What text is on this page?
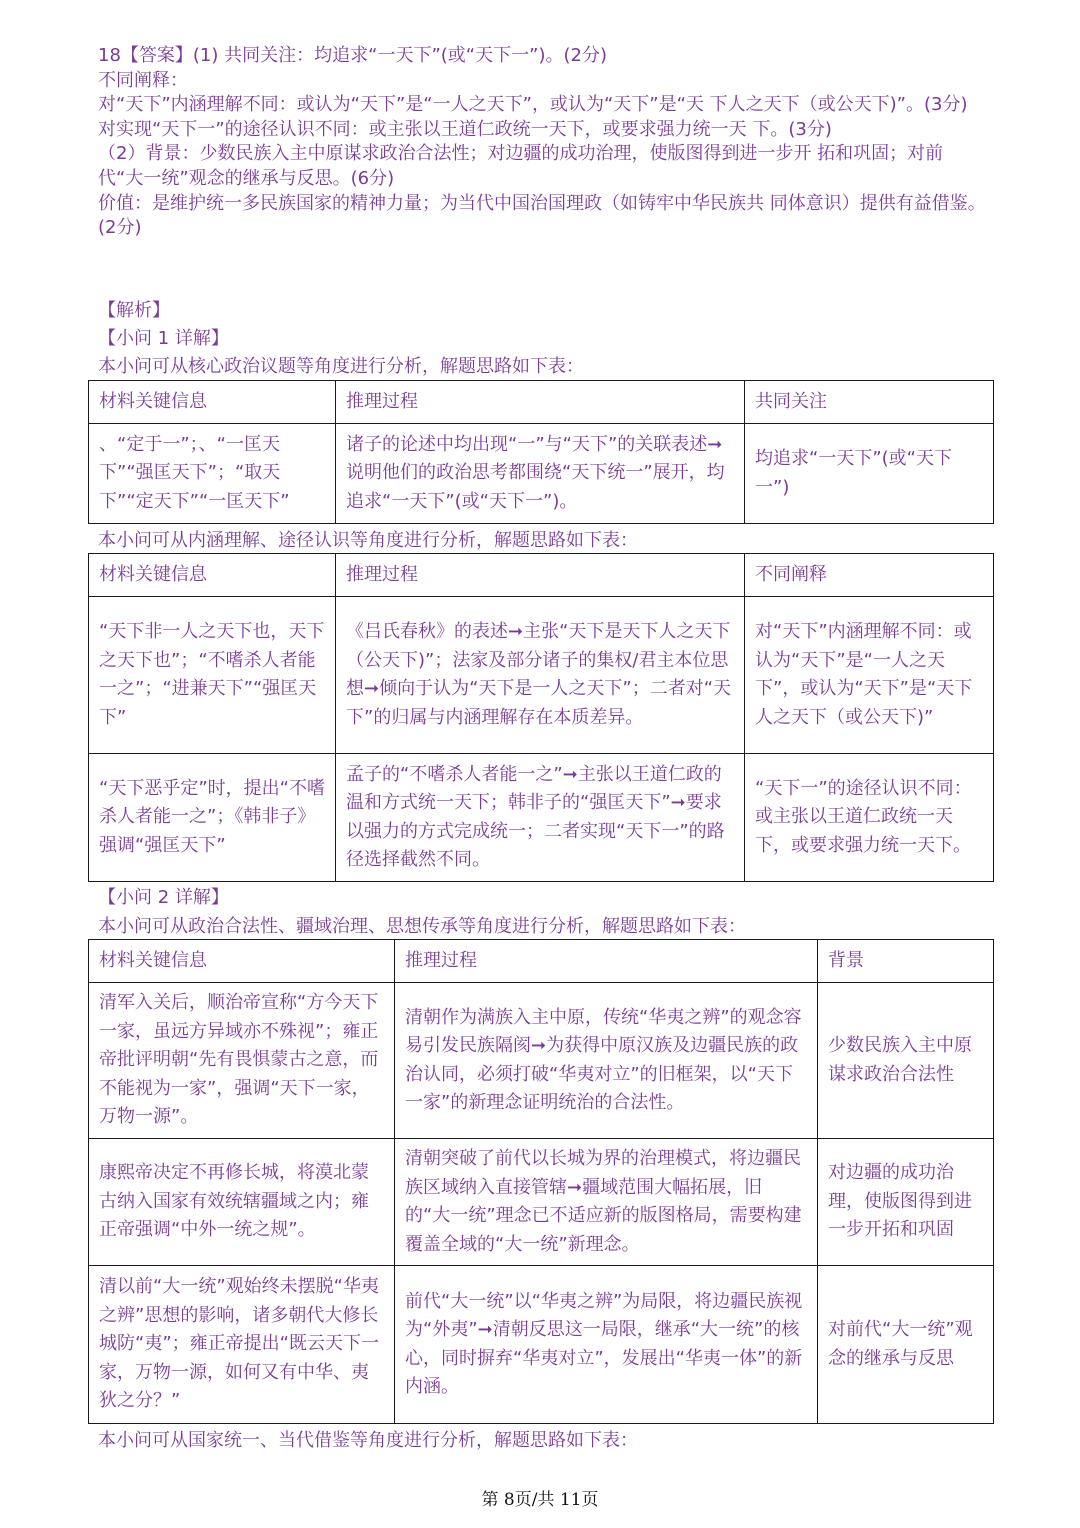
18【答案】(1) 共同关注：均追求“一天下”(或“天下一”)。(2分)

不同阐释：

对“天下”内涵理解不同：或认为“天下”是“一人之天下”，或认为“天下”是“天 下人之天下（或公天下)”。(3分)

对实现“天下一”的途径认识不同：或主张以王道仁政统一天下，或要求强力统一天 下。(3分)

（2）背景：少数民族入主中原谋求政治合法性；对边疆的成功治理，使版图得到进一步开 拓和巩固；对前代“大一统”观念的继承与反思。(6分)

价值：是维护统一多民族国家的精神力量；为当代中国治国理政（如铸牢中华民族共 同体意识）提供有益借鉴。(2分)

【解析】

【小问 1 详解】

本小问可从核心政治议题等角度进行分析，解题思路如下表：
材料关键信息	推理过程	共同关注
、“定于一”；、“一匡天下”“强匡天下”；“取天下”“定天下”“一匡天下”	诸子的论述中均出现“一”与“天下”的关联表述➞说明他们的政治思考都围绕“天下统一”展开，均追求“一天下”(或“天下一”)。	均追求“一天下”(或“天下一”)
本小问可从内涵理解、途径认识等角度进行分析，解题思路如下表：
材料关键信息	推理过程	不同阐释
“天下非一人之天下也，天下之天下也”；“不嗜杀人者能一之”；“进兼天下”“强匡天下”	《吕氏春秋》的表述➞主张“天下是天下人之天下（公天下)”；法家及部分诸子的集权/君主本位思想➞倾向于认为“天下是一人之天下”；二者对“天下”的归属与内涵理解存在本质差异。	对“天下”内涵理解不同：或认为“天下”是“一人之天下”，或认为“天下”是“天下人之天下（或公天下)”
“天下恶乎定”时，提出“不嗜杀人者能一之”；《韩非子》强调“强匡天下”	孟子的“不嗜杀人者能一之”➞主张以王道仁政的温和方式统一天下；韩非子的“强匡天下”➞要求以强力的方式完成统一；二者实现“天下一”的路径选择截然不同。	“天下一”的途径认识不同：或主张以王道仁政统一天下，或要求强力统一天下。
【小问 2 详解】
本小问可从政治合法性、疆域治理、思想传承等角度进行分析，解题思路如下表：
材料关键信息	推理过程	背景
清军入关后，顺治帝宣称“方今天下一家，虽远方异域亦不殊视”；雍正帝批评明朝“先有畏惧蒙古之意，而不能视为一家”，强调“天下一家，万物一源”。	清朝作为满族入主中原，传统“华夷之辨”的观念容易引发民族隔阂➞为获得中原汉族及边疆民族的政治认同，必须打破“华夷对立”的旧框架，以“天下一家”的新理念证明统治的合法性。	少数民族入主中原谋求政治合法性
康熙帝决定不再修长城，将漠北蒙古纳入国家有效统辖疆域之内；雍正帝强调“中外一统之规”。	清朝突破了前代以长城为界的治理模式，将边疆民族区域纳入直接管辖➞疆域范围大幅拓展，旧的“大一统”理念已不适应新的版图格局，需要构建覆盖全域的“大一统”新理念。	对边疆的成功治理，使版图得到进一步开拓和巩固
清以前“大一统”观始终未摆脱“华夷之辨”思想的影响，诸多朝代大修长城防“夷”；雍正帝提出“既云天下一家，万物一源，如何又有中华、夷狄之分？”	前代“大一统”以“华夷之辨”为局限，将边疆民族视为“外夷”➞清朝反思这一局限，继承“大一统”的核心，同时摒弃“华夷对立”，发展出“华夷一体”的新内涵。	对前代“大一统”观念的继承与反思
本小问可从国家统一、当代借鉴等角度进行分析，解题思路如下表：
第 8页/共 11页
